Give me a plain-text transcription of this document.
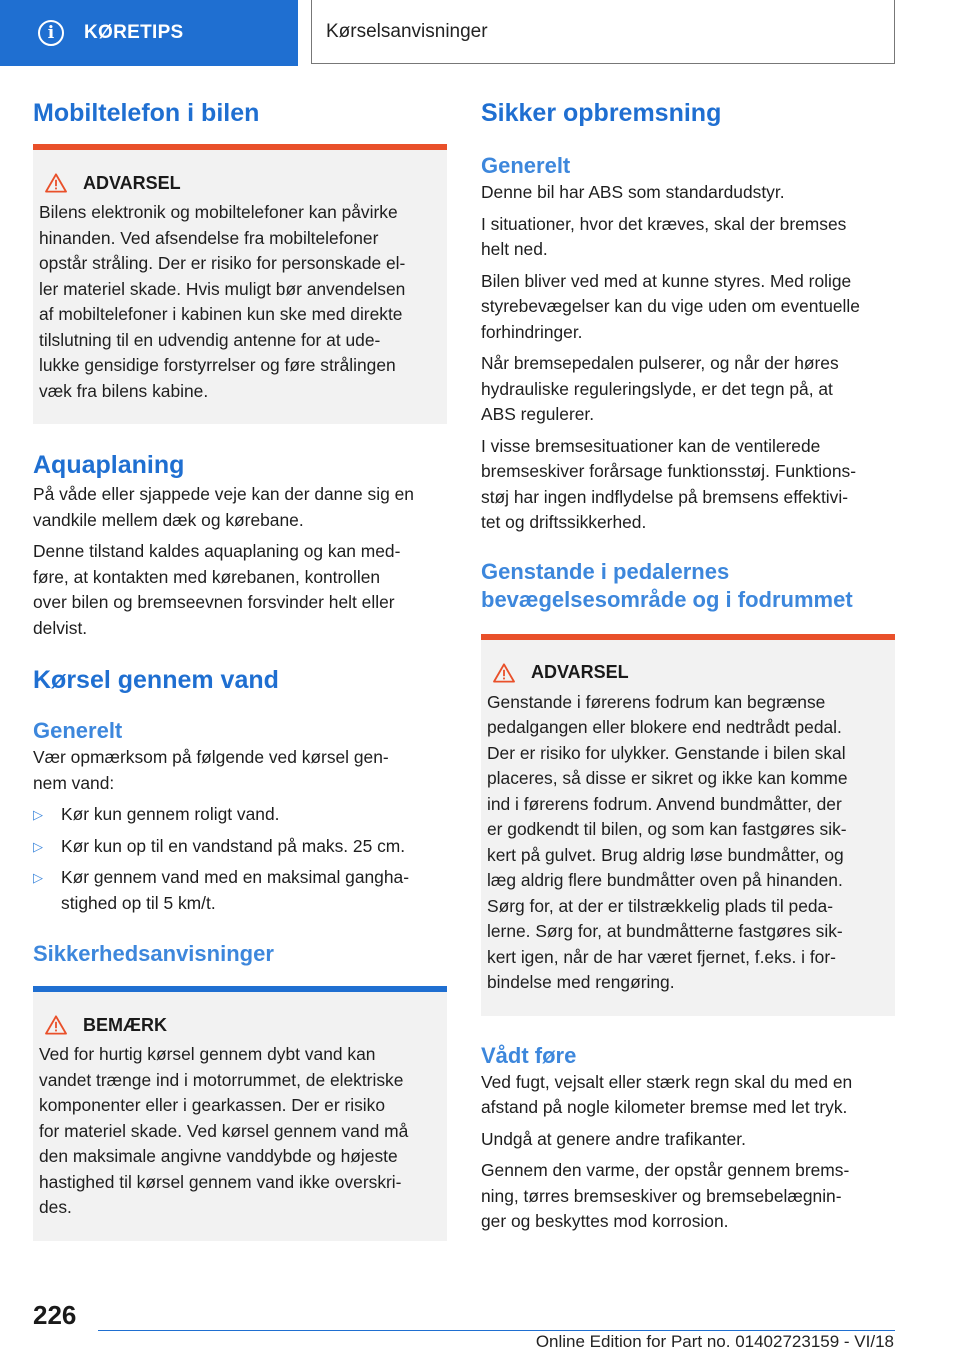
i	KØRETIPS	Kørselsanvisninger
Mobiltelefon i bilen
ADVARSEL

Bilens elektronik og mobiltelefoner kan påvirke
hinanden. Ved afsendelse fra mobiltelefoner
opstår stråling. Der er risiko for personskade el‐
ler materiel skade. Hvis muligt bør anvendelsen
af mobiltelefoner i kabinen kun ske med direkte
tilslutning til en udvendig antenne for at ude‐
lukke gensidige forstyrrelser og føre strålingen
væk fra bilens kabine.

Aquaplaning

På våde eller sjappede veje kan der danne sig en
vandkile mellem dæk og kørebane.

Denne tilstand kaldes aquaplaning og kan med‐
føre, at kontakten med kørebanen, kontrollen
over bilen og bremseevnen forsvinder helt eller
delvist.

Kørsel gennem vand
Generelt

Vær opmærksom på følgende ved kørsel gen‐
nem vand:

▷	Kør kun gennem roligt vand.

▷	Kør kun op til en vandstand på maks. 25 cm.

▷	Kør gennem vand med en maksimal gangha‐
stighed op til 5 km/t.

Sikkerhedsanvisninger
BEMÆRK

Ved for hurtig kørsel gennem dybt vand kan
vandet trænge ind i motorrummet, de elektriske
komponenter eller i gearkassen. Der er risiko
for materiel skade. Ved kørsel gennem vand må
den maksimale angivne vanddybde og højeste
hastighed til kørsel gennem vand ikke overskri‐
des.

Sikker opbremsning
Generelt

Denne bil har ABS som standardudstyr.

I situationer, hvor det kræves, skal der bremses
helt ned.

Bilen bliver ved med at kunne styres. Med rolige
styrebevægelser kan du vige uden om eventuelle
forhindringer.

Når bremsepedalen pulserer, og når der høres
hydrauliske reguleringslyde, er det tegn på, at
ABS regulerer.

I visse bremsesituationer kan de ventilerede
bremseskiver forårsage funktionsstøj. Funktions‐
støj har ingen indflydelse på bremsens effektivi‐
tet og driftssikkerhed.

Genstande i pedalernes
bevægelsesområde og i fodrummet
ADVARSEL

Genstande i førerens fodrum kan begrænse
pedalgangen eller blokere end nedtrådt pedal.
Der er risiko for ulykker. Genstande i bilen skal
placeres, så disse er sikret og ikke kan komme
ind i førerens fodrum. Anvend bundmåtter, der
er godkendt til bilen, og som kan fastgøres sik‐
kert på gulvet. Brug aldrig løse bundmåtter, og
læg aldrig flere bundmåtter oven på hinanden.
Sørg for, at der er tilstrækkelig plads til peda‐
lerne. Sørg for, at bundmåtterne fastgøres sik‐
kert igen, når de har været fjernet, f.eks. i for‐
bindelse med rengøring.

Vådt føre

Ved fugt, vejsalt eller stærk regn skal du med en
afstand på nogle kilometer bremse med let tryk.

Undgå at genere andre trafikanter.

Gennem den varme, der opstår gennem brems‐
ning, tørres bremseskiver og bremsebelægnin‐
ger og beskyttes mod korrosion.

226
Online Edition for Part no. 01402723159 - VI/18
